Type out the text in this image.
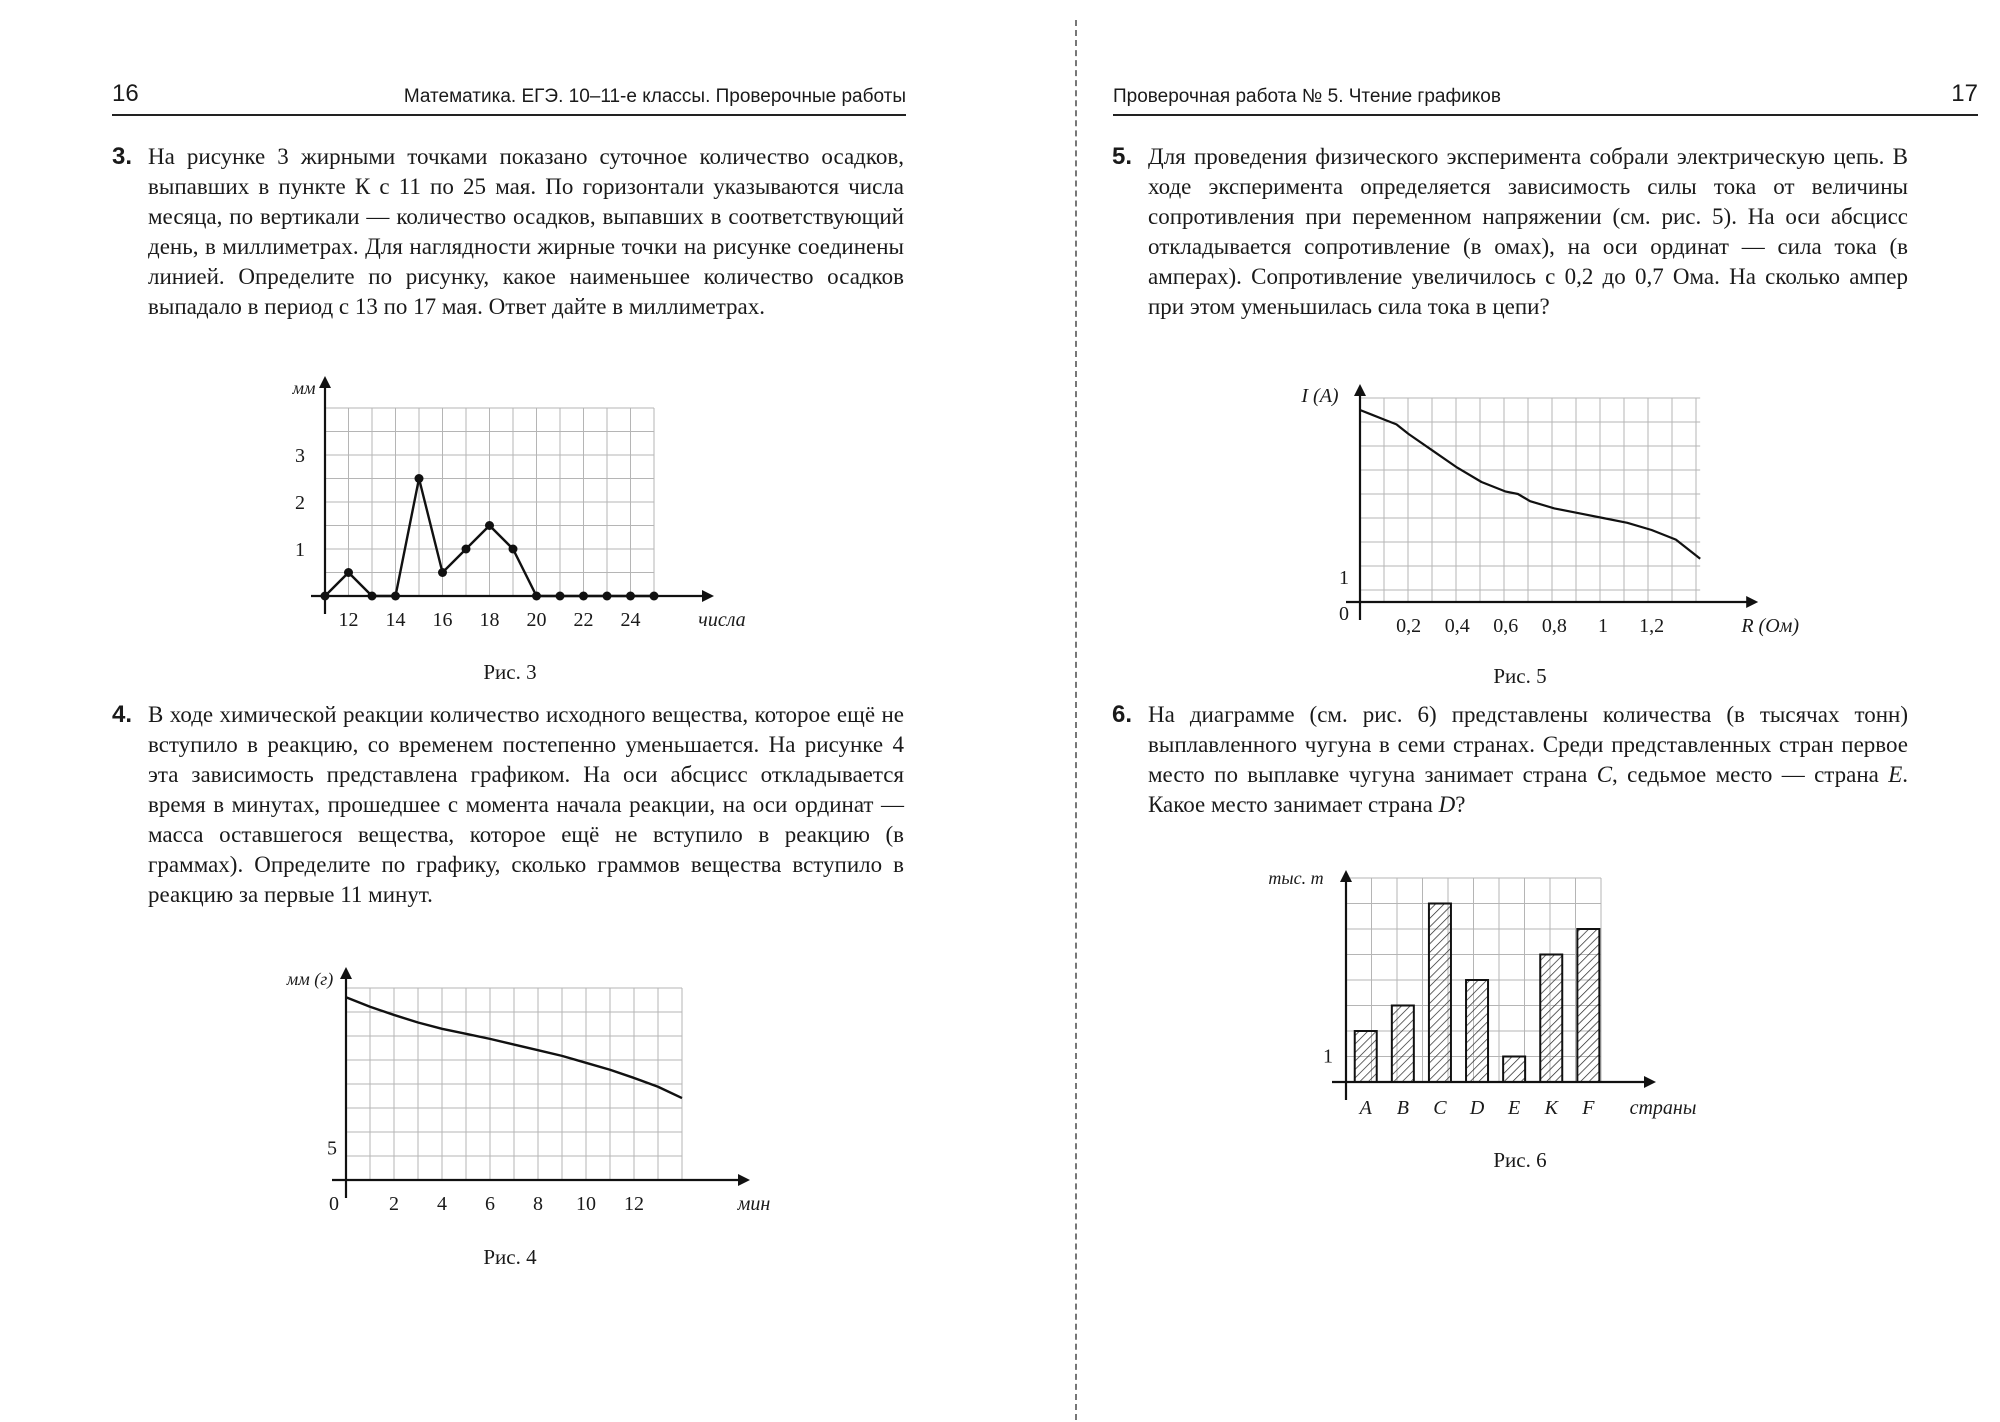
16	Математика. ЕГЭ. 10–11-е классы. Проверочные работы
3. На рисунке 3 жирными точками показано суточное количество осадков, выпавших в пункте К с 11 по 25 мая. По горизонтали указываются числа месяца, по вертикали — количество осадков, выпавших в соответствующий день, в миллиметрах. Для наглядности жирные точки на рисунке соединены линией. Определите по рисунку, какое наименьшее количество осадков выпадало в период с 13 по 17 мая. Ответ дайте в миллиметрах.
мм
1
2
3
12 14 16 18 20 22 24	числа
Рис. 3
4. В ходе химической реакции количество исходного вещества, которое ещё не вступило в реакцию, со временем постепенно уменьшается. На рисунке 4 эта зависимость представлена графиком. На оси абсцисс откладывается время в минутах, прошедшее с момента начала реакции, на оси ординат — масса оставшегося вещества, которое ещё не вступило в реакцию (в граммах). Определите по графику, сколько граммов вещества вступило в реакцию за первые 11 минут.
мм (г)
0	2 4 6 8 10 12	мин
5
Рис. 4
Проверочная работа № 5. Чтение графиков	17
5. Для проведения физического эксперимента собрали электрическую цепь. В ходе эксперимента определяется зависимость силы тока от величины сопротивления при переменном напряжении (см. рис. 5). На оси абсцисс откладывается сопротивление (в омах), на оси ординат — сила тока (в амперах). Сопротивление увеличилось с 0,2 до 0,7 Ома. На сколько ампеp при этом уменьшилась сила тока в цепи?
I (A)
0
1
0,2 0,4 0,6 0,8 1 1,2	R (Ом)
Рис. 5
6. На диаграмме (см. рис. 6) представлены количества (в тысячах тонн) выплавленного чугуна в семи странах. Среди представленных стран первое место по выплавке чугуна занимает страна C, седьмое место — страна E. Какое место занимает страна D?
тыс. т
1
A B C D E K F страны
Рис. 6
